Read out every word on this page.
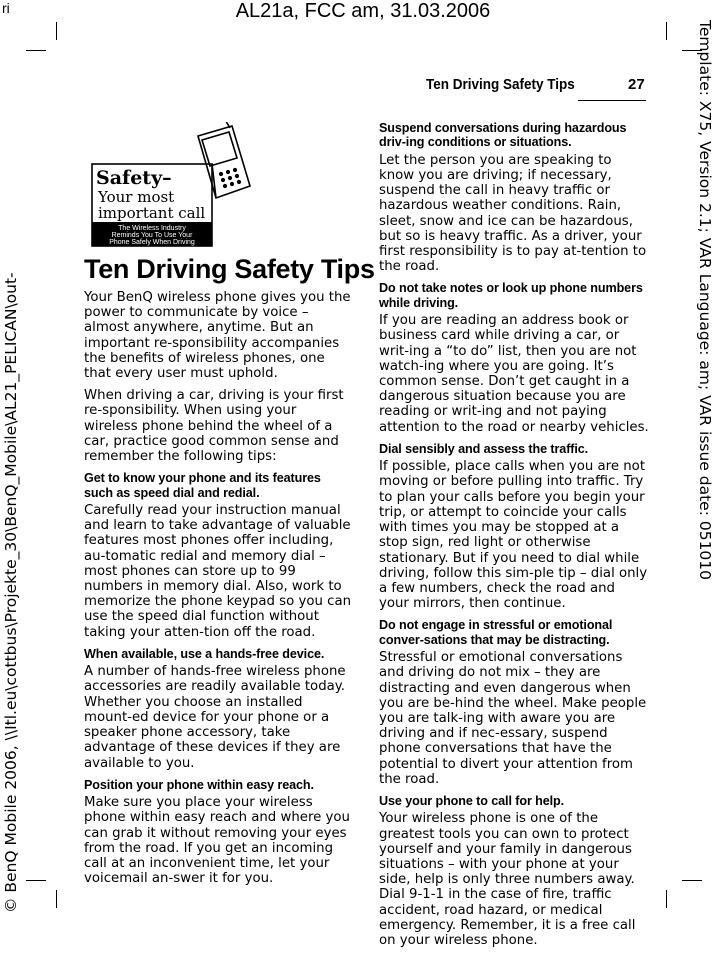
ri	AL21a, FCC am, 31.03.2006
Template: X75, Version 2.1; VAR Language: am; VAR issue date: 051010
© BenQ Mobile 2006, \\Itl.eu\cottbus\Projekte_30\BenQ_Mobile\AL21_PELICAN\out-
Ten Driving Safety Tips	27
Safety–
Your most
important call
The Wireless Industry
Reminds You To Use Your
Phone Safely When Driving
Ten Driving Safety Tips

Your BenQ wireless phone gives you the power to communicate by voice – almost anywhere, anytime. But an important re-sponsibility accompanies the benefits of wireless phones, one that every user must uphold.

When driving a car, driving is your first re-sponsibility. When using your wireless phone behind the wheel of a car, practice good common sense and remember the following tips:

Get to know your phone and its features such as speed dial and redial.

Carefully read your instruction manual and learn to take advantage of valuable features most phones offer including, au-tomatic redial and memory dial – most phones can store up to 99 numbers in memory dial. Also, work to memorize the phone keypad so you can use the speed dial function without taking your atten-tion off the road.

When available, use a hands-free device.

A number of hands-free wireless phone accessories are readily available today. Whether you choose an installed mount-ed device for your phone or a speaker phone accessory, take advantage of these devices if they are available to you.

Position your phone within easy reach.

Make sure you place your wireless phone within easy reach and where you can grab it without removing your eyes from the road. If you get an incoming call at an inconvenient time, let your voicemail an-swer it for you.

Suspend conversations during hazardous driv-ing conditions or situations.

Let the person you are speaking to know you are driving; if necessary, suspend the call in heavy traffic or hazardous weather conditions. Rain, sleet, snow and ice can be hazardous, but so is heavy traffic. As a driver, your first responsibility is to pay at-tention to the road.

Do not take notes or look up phone numbers while driving.

If you are reading an address book or business card while driving a car, or writ-ing a “to do” list, then you are not watch-ing where you are going. It’s common sense. Don’t get caught in a dangerous situation because you are reading or writ-ing and not paying attention to the road or nearby vehicles.

Dial sensibly and assess the traffic.

If possible, place calls when you are not moving or before pulling into traffic. Try to plan your calls before you begin your trip, or attempt to coincide your calls with times you may be stopped at a stop sign, red light or otherwise stationary. But if you need to dial while driving, follow this sim-ple tip – dial only a few numbers, check the road and your mirrors, then continue.

Do not engage in stressful or emotional conver-sations that may be distracting.

Stressful or emotional conversations and driving do not mix – they are distracting and even dangerous when you are be-hind the wheel. Make people you are talk-ing with aware you are driving and if nec-essary, suspend phone conversations that have the potential to divert your attention from the road.

Use your phone to call for help.

Your wireless phone is one of the greatest tools you can own to protect yourself and your family in dangerous situations – with your phone at your side, help is only three numbers away. Dial 9-1-1 in the case of fire, traffic accident, road hazard, or medical emergency. Remember, it is a free call on your wireless phone.
